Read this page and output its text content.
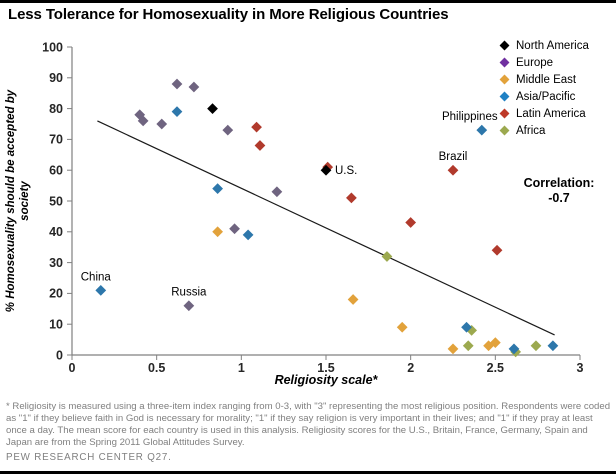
Less Tolerance for Homosexuality in More Religious Countries
0
10
20
30
40
50
60
70
80
90
100
0	0.5	1	1.5	2	2.5	3
Brazil
China
Philippines
Russia
U.S.
% Homosexuality should be accepted by society
Religiosity scale*
North America
Europe
Middle East
Asia/Pacific
Latin America
Africa
Correlation:
-0.7
* Religiosity is measured using a three-item index ranging from 0-3, with "3" representing the most religious position. Respondents were coded as "1" if they believe faith in God is necessary for morality; "1" if they say religion is very important in their lives; and "1" if they pray at least once a day. The mean score for each country is used in this analysis. Religiosity scores for the U.S., Britain, France, Germany, Spain and Japan are from the Spring 2011 Global Attitudes Survey.
PEW RESEARCH CENTER Q27.
